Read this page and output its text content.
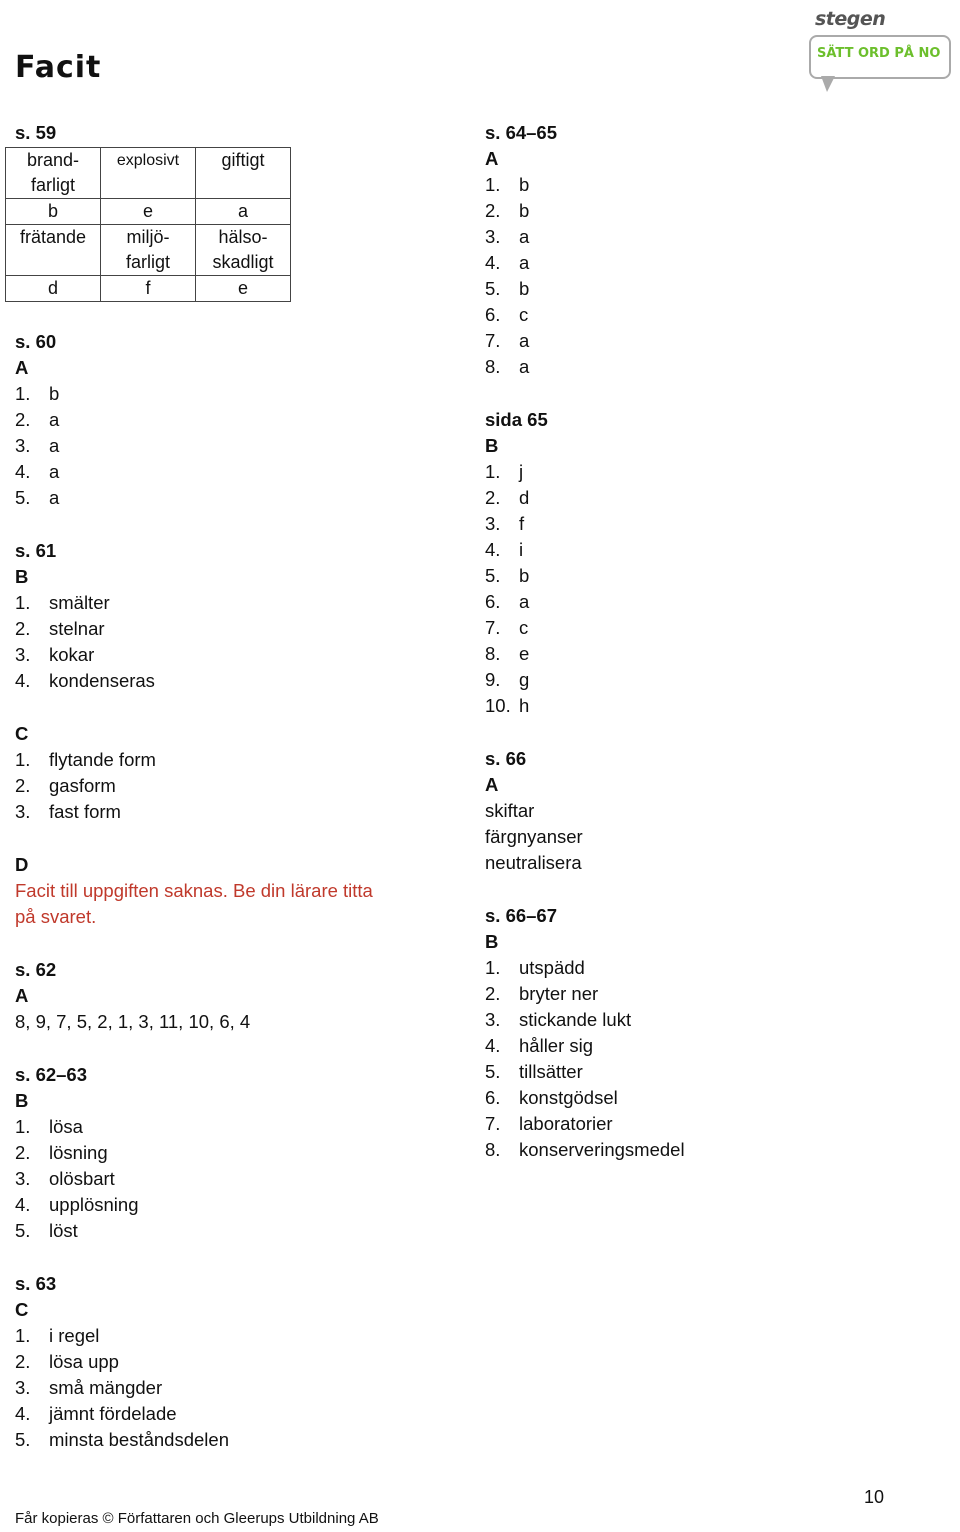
Facit
stegen
SÄTT ORD PÅ NO
s. 59
brand-farligt	explosivt	giftigt
b	e	a
frätande	miljö-farligt	hälso-skadligt
d	f	e
s. 60
A
1. b
2. a
3. a
4. a
5. a
s. 61
B
1. smälter
2. stelnar
3. kokar
4. kondenseras
C
1. flytande form
2. gasform
3. fast form
D
Facit till uppgiften saknas. Be din lärare titta
på svaret.
s. 62
A
8, 9, 7, 5, 2, 1, 3, 11, 10, 6, 4
s. 62–63
B
1. lösa
2. lösning
3. olösbart
4. upplösning
5. löst
s. 63
C
1. i regel
2. lösa upp
3. små mängder
4. jämnt fördelade
5. minsta beståndsdelen
s. 64–65
A
1. b
2. b
3. a
4. a
5. b
6. c
7. a
8. a
sida 65
B
1. j
2. d
3. f
4. i
5. b
6. a
7. c
8. e
9. g
10. h
s. 66
A
skiftar
färgnyanser
neutralisera
s. 66–67
B
1. utspädd
2. bryter ner
3. stickande lukt
4. håller sig
5. tillsätter
6. konstgödsel
7. laboratorier
8. konserveringsmedel
Får kopieras © Författaren och Gleerups Utbildning AB
10
